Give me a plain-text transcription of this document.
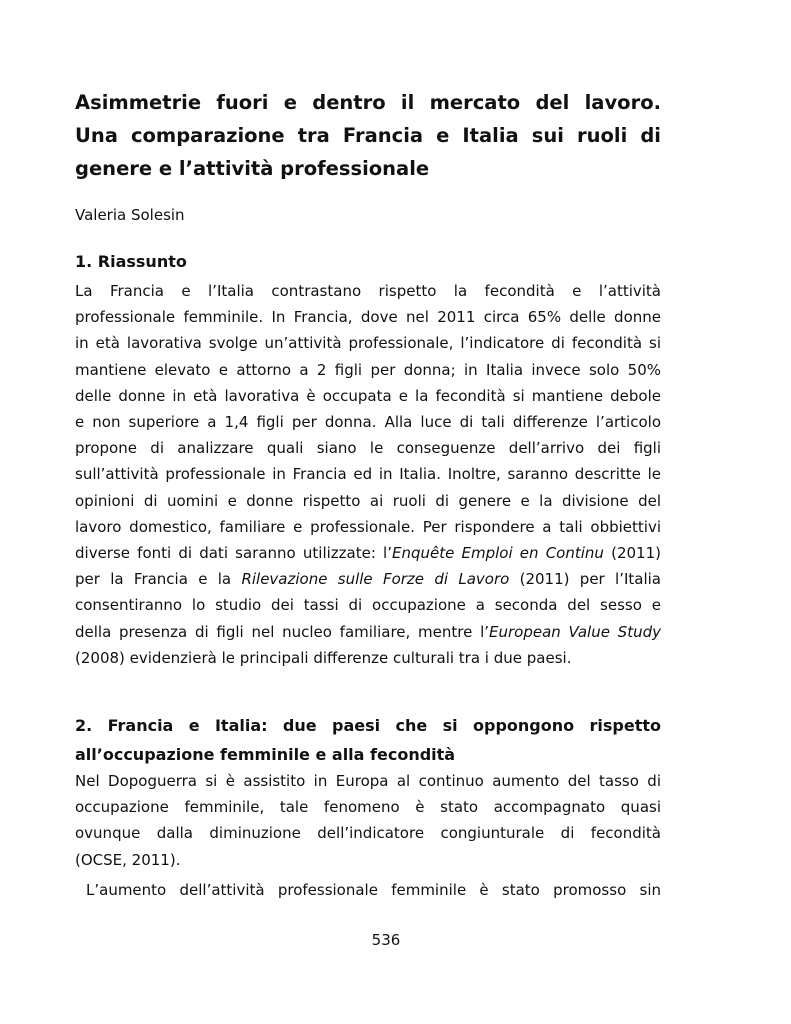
Asimmetrie fuori e dentro il mercato del lavoro.
Una comparazione tra Francia e Italia sui ruoli di
genere e l’attività professionale

Valeria Solesin

1. Riassunto
La Francia e l’Italia contrastano rispetto la fecondità e l’attività
professionale femminile. In Francia, dove nel 2011 circa 65% delle donne
in età lavorativa svolge un’attività professionale, l’indicatore di fecondità si
mantiene elevato e attorno a 2 figli per donna; in Italia invece solo 50%
delle donne in età lavorativa è occupata e la fecondità si mantiene debole
e non superiore a 1,4 figli per donna. Alla luce di tali differenze l’articolo
propone di analizzare quali siano le conseguenze dell’arrivo dei figli
sull’attività professionale in Francia ed in Italia. Inoltre, saranno descritte le
opinioni di uomini e donne rispetto ai ruoli di genere e la divisione del
lavoro domestico, familiare e professionale. Per rispondere a tali obbiettivi
diverse fonti di dati saranno utilizzate: l’Enquête Emploi en Continu (2011)
per la Francia e la Rilevazione sulle Forze di Lavoro (2011) per l’Italia
consentiranno lo studio dei tassi di occupazione a seconda del sesso e
della presenza di figli nel nucleo familiare, mentre l’European Value Study
(2008) evidenzierà le principali differenze culturali tra i due paesi.
2. Francia e Italia: due paesi che si oppongono rispetto
all’occupazione femminile e alla fecondità
Nel Dopoguerra si è assistito in Europa al continuo aumento del tasso di
occupazione femminile, tale fenomeno è stato accompagnato quasi
ovunque dalla diminuzione dell’indicatore congiunturale di fecondità
(OCSE, 2011).
L’aumento dell’attività professionale femminile è stato promosso sin
536
